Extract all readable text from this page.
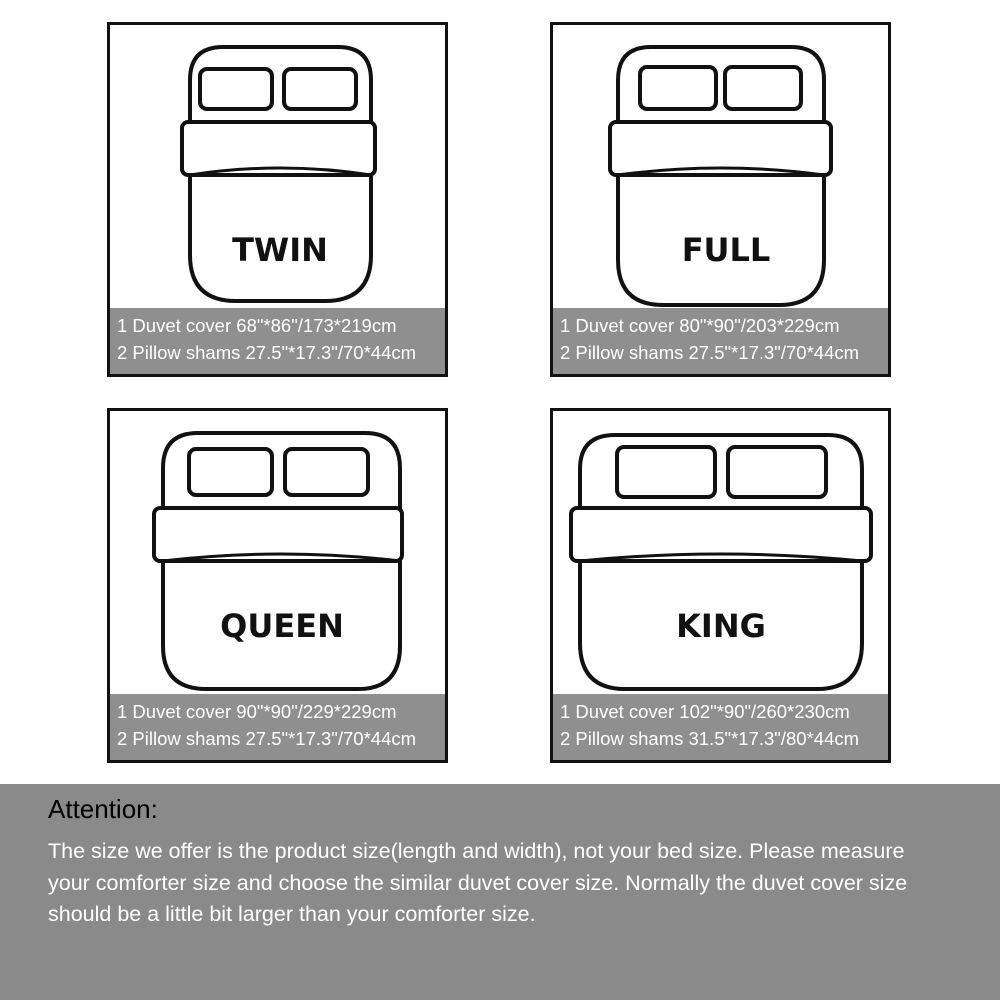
TWIN
1 Duvet cover 68"*86"/173*219cm
2 Pillow shams 27.5"*17.3"/70*44cm
FULL
1 Duvet cover 80"*90"/203*229cm
2 Pillow shams 27.5"*17.3"/70*44cm
QUEEN
1 Duvet cover 90"*90"/229*229cm
2 Pillow shams 27.5"*17.3"/70*44cm
KING
1 Duvet cover 102"*90"/260*230cm
2 Pillow shams 31.5"*17.3"/80*44cm
Attention:

The size we offer is the product size(length and width), not your bed size. Please measure your comforter size and choose the similar duvet cover size. Normally the duvet cover size should be a little bit larger than your comforter size.
